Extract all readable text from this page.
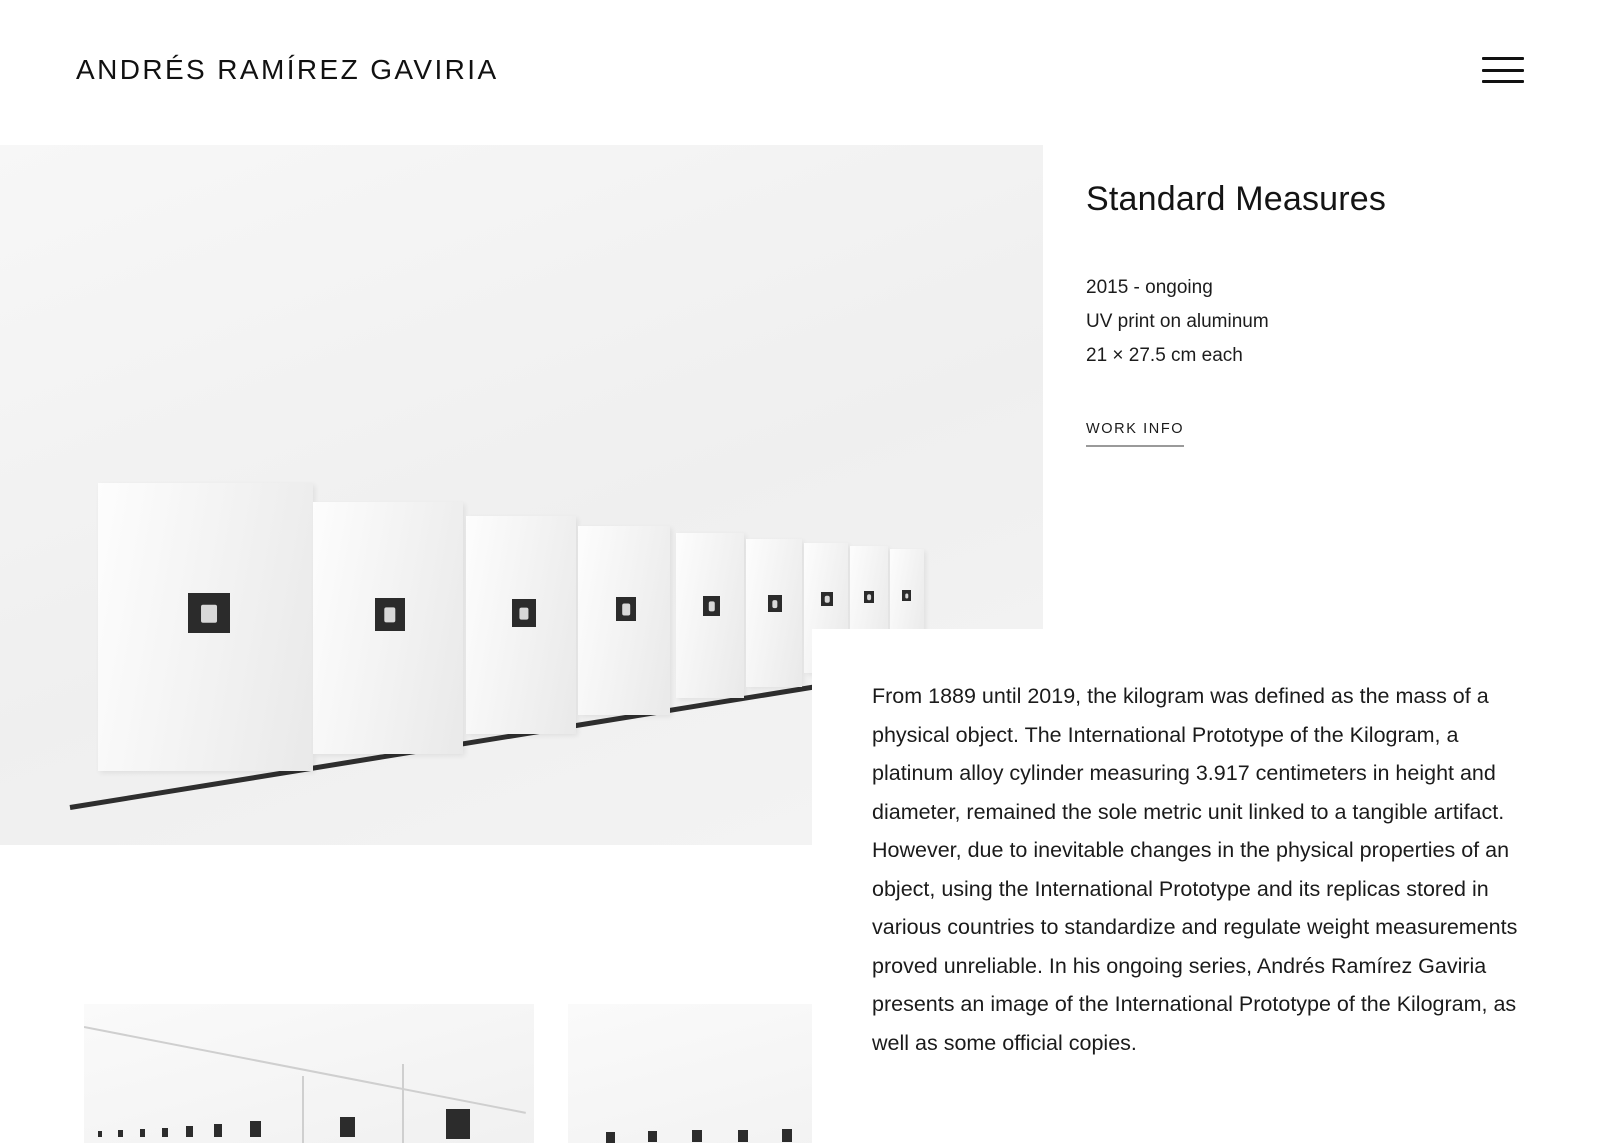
ANDRÉS RAMÍREZ GAVIRIA
Standard Measures
2015 - ongoing
UV print on aluminum
21 × 27.5 cm each
WORK INFO

From 1889 until 2019, the kilogram was defined as the mass of a physical object. The International Prototype of the Kilogram, a platinum alloy cylinder measuring 3.917 centimeters in height and diameter, remained the sole metric unit linked to a tangible artifact. However, due to inevitable changes in the physical properties of an object, using the International Prototype and its replicas stored in various countries to standardize and regulate weight measurements proved unreliable. In his ongoing series, Andrés Ramírez Gaviria presents an image of the International Prototype of the Kilogram, as well as some official copies.
